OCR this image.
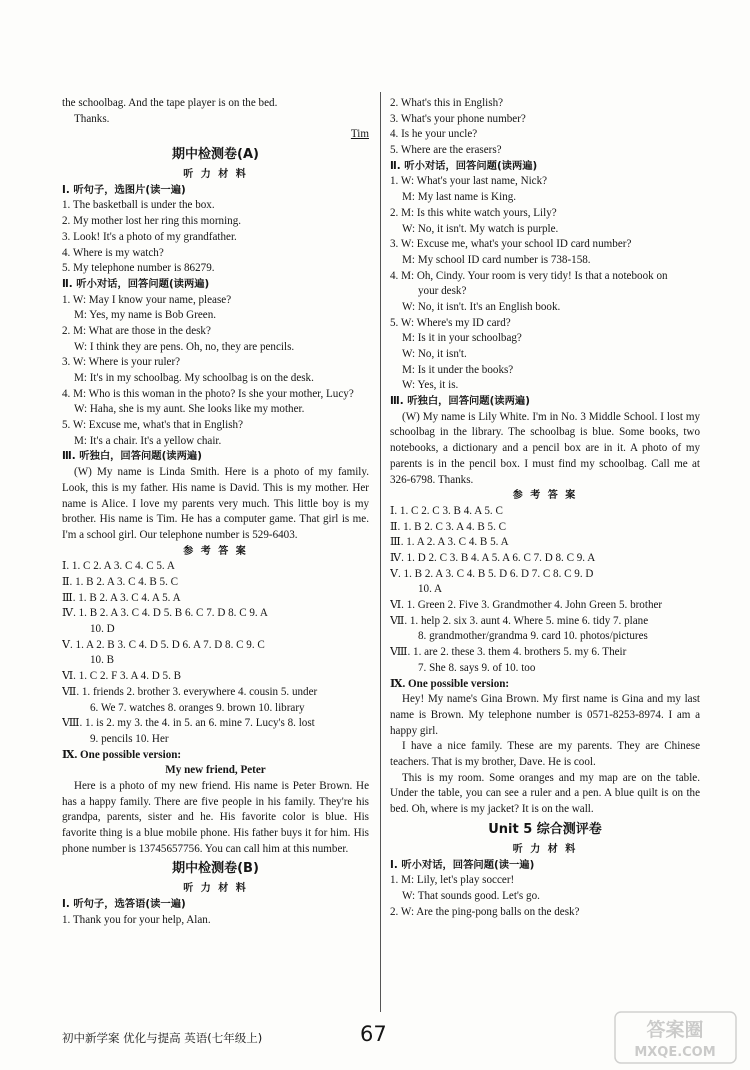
the schoolbag. And the tape player is on the bed.
Thanks.
Tim
期中检测卷(A)
听 力 材 料
Ⅰ. 听句子，选图片(读一遍)
1. The basketball is under the box.
2. My mother lost her ring this morning.
3. Look! It's a photo of my grandfather.
4. Where is my watch?
5. My telephone number is 86279.
Ⅱ. 听小对话，回答问题(读两遍)
1. W: May I know your name, please?
M: Yes, my name is Bob Green.
2. M: What are those in the desk?
W: I think they are pens. Oh, no, they are pencils.
3. W: Where is your ruler?
M: It's in my schoolbag. My schoolbag is on the desk.
4. M: Who is this woman in the photo? Is she your mother, Lucy?
W: Haha, she is my aunt. She looks like my mother.
5. W: Excuse me, what's that in English?
M: It's a chair. It's a yellow chair.
Ⅲ. 听独白，回答问题(读两遍)
(W) My name is Linda Smith. Here is a photo of my family. Look, this is my father. His name is David. This is my mother. Her name is Alice. I love my parents very much. This little boy is my brother. His name is Tim. He has a computer game. That girl is me. I'm a school girl. Our telephone number is 529-6403.
参 考 答 案
Ⅰ. 1. C 2. A 3. C 4. C 5. A
Ⅱ. 1. B 2. A 3. C 4. B 5. C
Ⅲ. 1. B 2. A 3. C 4. A 5. A
Ⅳ. 1. B 2. A 3. C 4. D 5. B 6. C 7. D 8. C 9. A
10. D
Ⅴ. 1. A 2. B 3. C 4. D 5. D 6. A 7. D 8. C 9. C
10. B
Ⅵ. 1. C 2. F 3. A 4. D 5. B
Ⅶ. 1. friends 2. brother 3. everywhere 4. cousin 5. under
6. We 7. watches 8. oranges 9. brown 10. library
Ⅷ. 1. is 2. my 3. the 4. in 5. an 6. mine 7. Lucy's 8. lost
9. pencils 10. Her
Ⅸ. One possible version:
My new friend, Peter
Here is a photo of my new friend. His name is Peter Brown. He has a happy family. There are five people in his family. They're his grandpa, parents, sister and he. His favorite color is blue. His favorite thing is a blue mobile phone. His father buys it for him. His phone number is 13745657756. You can call him at this number.
期中检测卷(B)
听 力 材 料
Ⅰ. 听句子，选答语(读一遍)
1. Thank you for your help, Alan.
2. What's this in English?
3. What's your phone number?
4. Is he your uncle?
5. Where are the erasers?
Ⅱ. 听小对话，回答问题(读两遍)
1. W: What's your last name, Nick?
M: My last name is King.
2. M: Is this white watch yours, Lily?
W: No, it isn't. My watch is purple.
3. W: Excuse me, what's your school ID card number?
M: My school ID card number is 738-158.
4. M: Oh, Cindy. Your room is very tidy! Is that a notebook on
your desk?
W: No, it isn't. It's an English book.
5. W: Where's my ID card?
M: Is it in your schoolbag?
W: No, it isn't.
M: Is it under the books?
W: Yes, it is.
Ⅲ. 听独白，回答问题(读两遍)
(W) My name is Lily White. I'm in No. 3 Middle School. I lost my schoolbag in the library. The schoolbag is blue. Some books, two notebooks, a dictionary and a pencil box are in it. A photo of my parents is in the pencil box. I must find my schoolbag. Call me at 326-6798. Thanks.
参 考 答 案
Ⅰ. 1. C 2. C 3. B 4. A 5. C
Ⅱ. 1. B 2. C 3. A 4. B 5. C
Ⅲ. 1. A 2. A 3. C 4. B 5. A
Ⅳ. 1. D 2. C 3. B 4. A 5. A 6. C 7. D 8. C 9. A
Ⅴ. 1. B 2. A 3. C 4. B 5. D 6. D 7. C 8. C 9. D
10. A
Ⅵ. 1. Green 2. Five 3. Grandmother 4. John Green 5. brother
Ⅶ. 1. help 2. six 3. aunt 4. Where 5. mine 6. tidy 7. plane
8. grandmother/grandma 9. card 10. photos/pictures
Ⅷ. 1. are 2. these 3. them 4. brothers 5. my 6. Their
7. She 8. says 9. of 10. too
Ⅸ. One possible version:
Hey! My name's Gina Brown. My first name is Gina and my last name is Brown. My telephone number is 0571-8253-8974. I am a happy girl.
I have a nice family. These are my parents. They are Chinese teachers. That is my brother, Dave. He is cool.
This is my room. Some oranges and my map are on the table. Under the table, you can see a ruler and a pen. A blue quilt is on the bed. Oh, where is my jacket? It is on the wall.
Unit 5 综合测评卷
听 力 材 料
Ⅰ. 听小对话，回答问题(读一遍)
1. M: Lily, let's play soccer!
W: That sounds good. Let's go.
2. W: Are the ping-pong balls on the desk?
初中新学案 优化与提高 英语(七年级上)	67	答案圈
MXQE.COM
